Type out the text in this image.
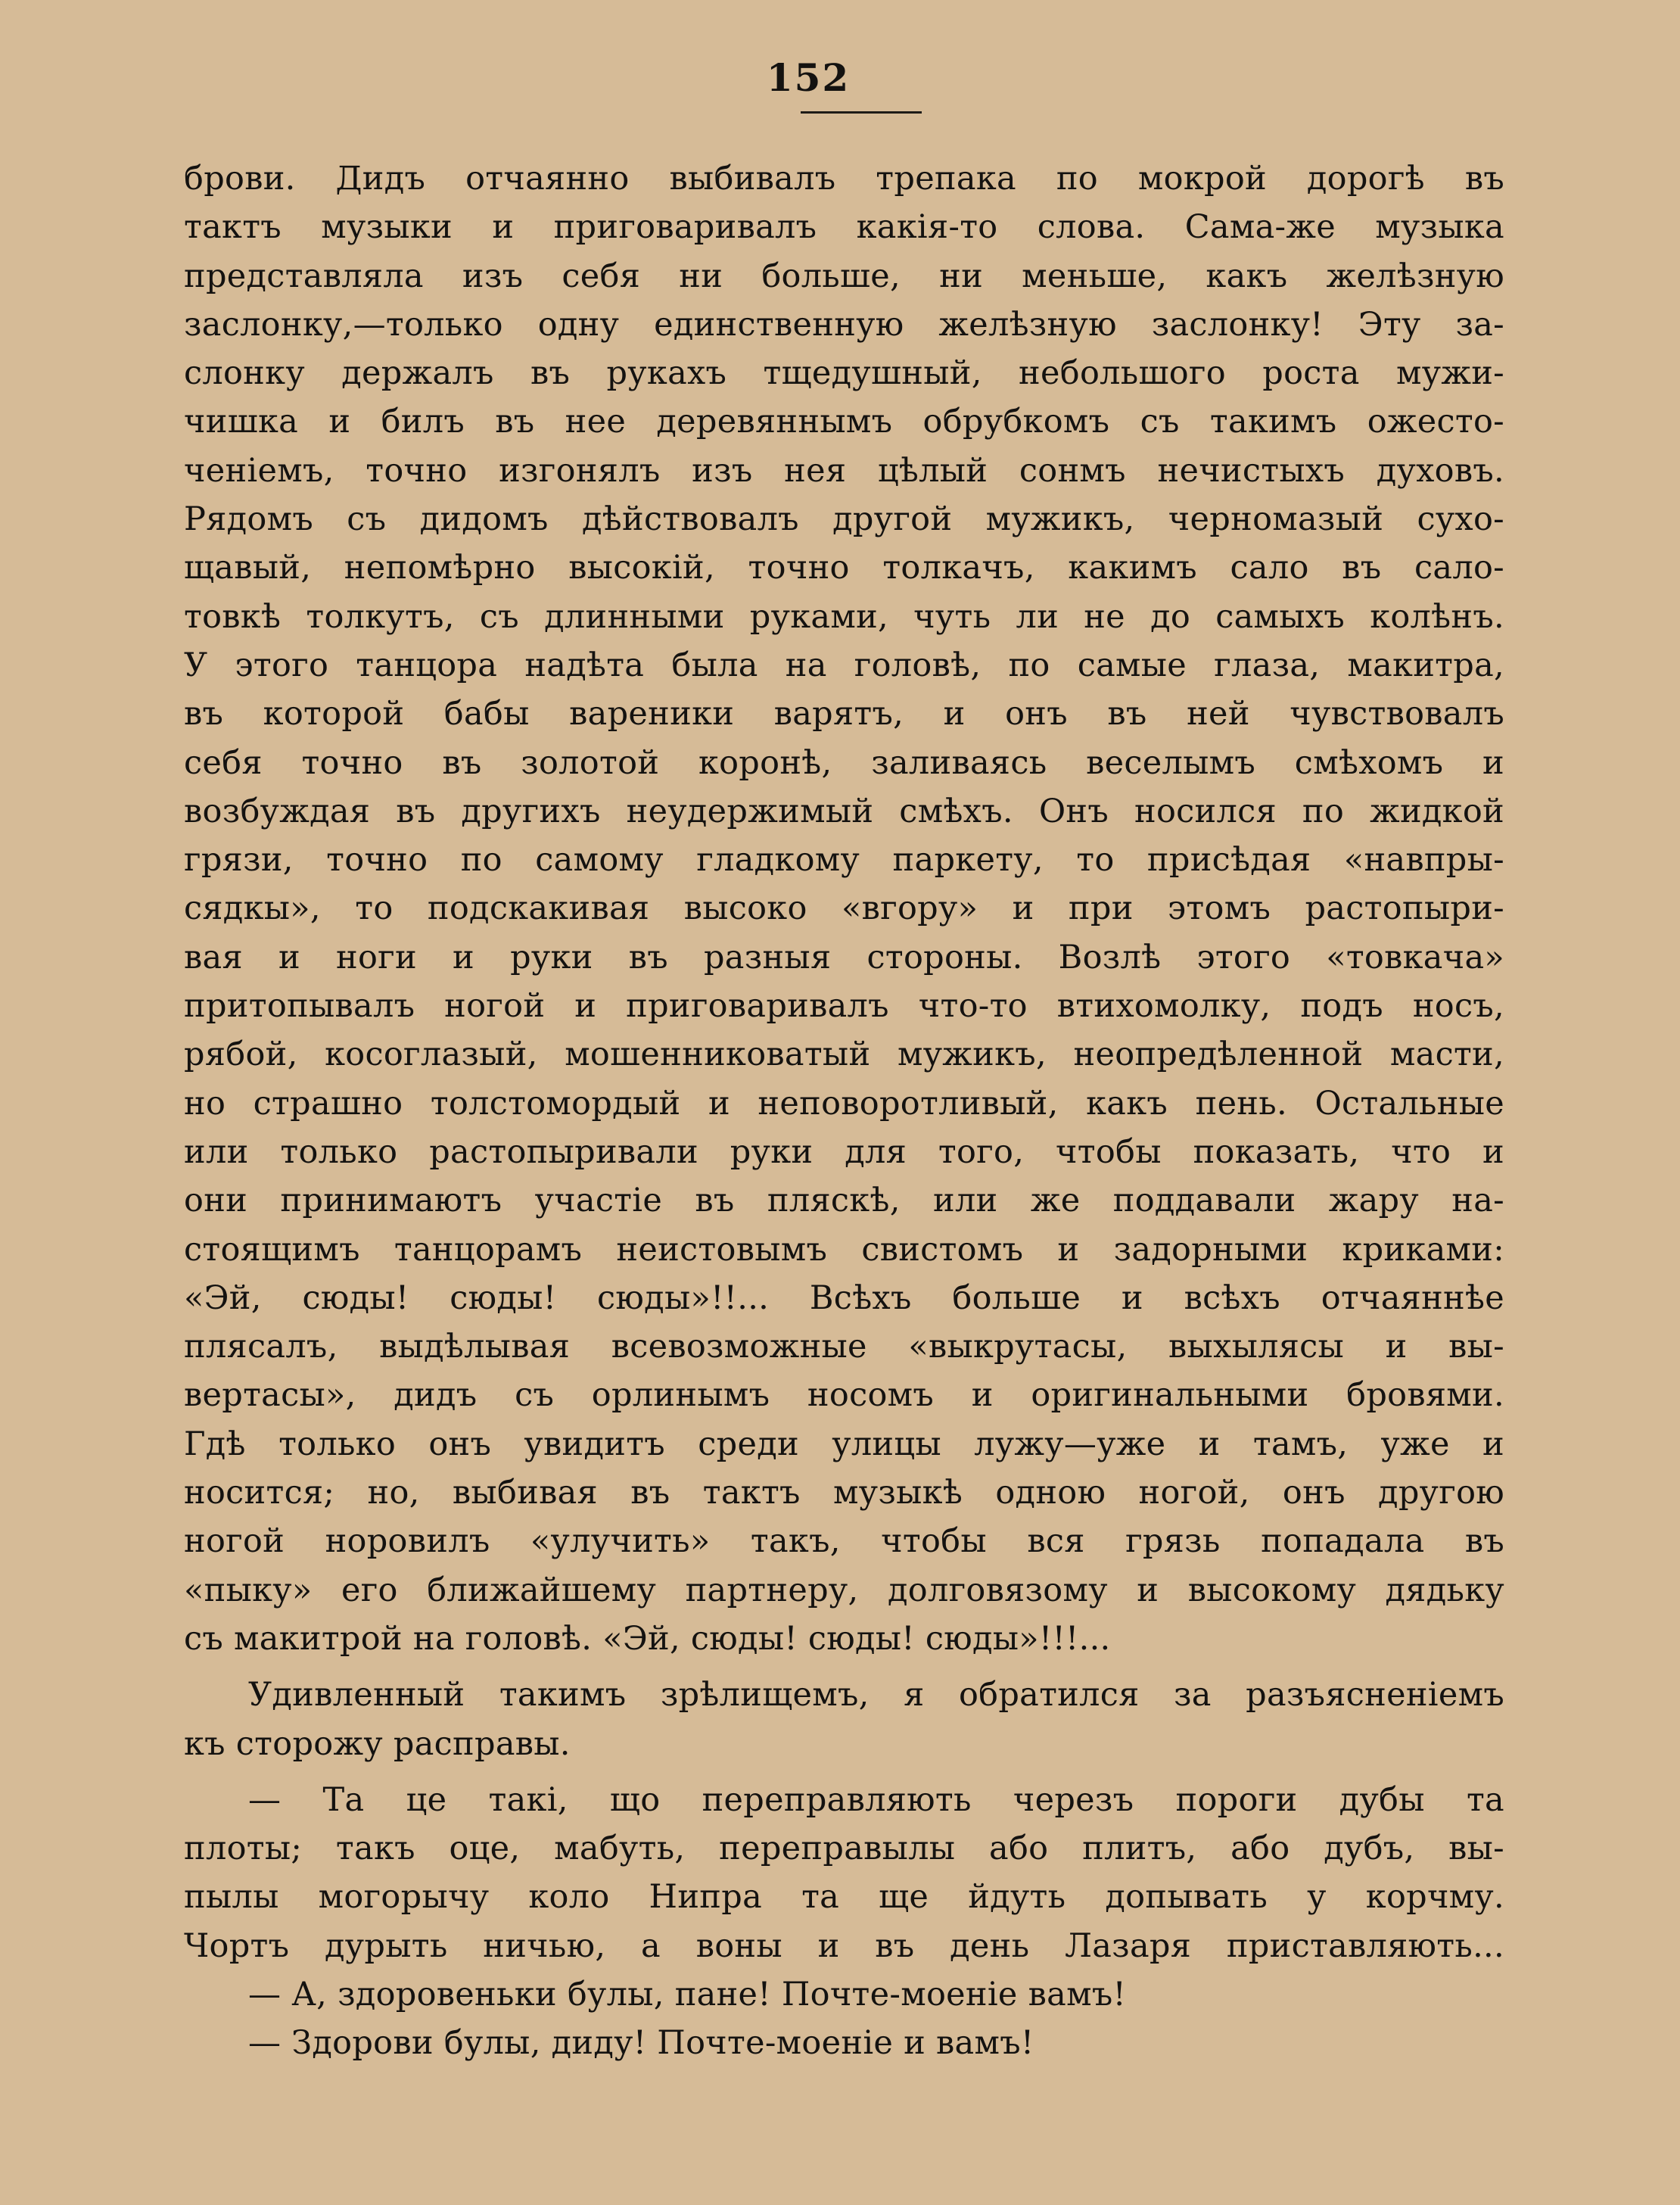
152
брови. Дидъ отчаянно выбивалъ трепака по мокрой дорогѣ въ
тактъ музыки и приговаривалъ какія-то слова. Сама-же музыка
представляла изъ себя ни больше, ни меньше, какъ желѣзную
заслонку,—только одну единственную желѣзную заслонку! Эту за-
слонку держалъ въ рукахъ тщедушный, небольшого роста мужи-
чишка и билъ въ нее деревяннымъ обрубкомъ съ такимъ ожесто-
ченіемъ, точно изгонялъ изъ нея цѣлый сонмъ нечистыхъ духовъ.
Рядомъ съ дидомъ дѣйствовалъ другой мужикъ, черномазый сухо-
щавый, непомѣрно высокій, точно толкачъ, какимъ сало въ сало-
товкѣ толкутъ, съ длинными руками, чуть ли не до самыхъ колѣнъ.
У этого танцора надѣта была на головѣ, по самые глаза, макитра,
въ которой бабы вареники варятъ, и онъ въ ней чувствовалъ
себя точно въ золотой коронѣ, заливаясь веселымъ смѣхомъ и
возбуждая въ другихъ неудержимый смѣхъ. Онъ носился по жидкой
грязи, точно по самому гладкому паркету, то присѣдая «навпры-
сядкы», то подскакивая высоко «вгору» и при этомъ растопыри-
вая и ноги и руки въ разныя стороны. Возлѣ этого «товкача»
притопывалъ ногой и приговаривалъ что-то втихомолку, подъ носъ,
рябой, косоглазый, мошенниковатый мужикъ, неопредѣленной масти,
но страшно толстомордый и неповоротливый, какъ пень. Остальные
или только растопыривали руки для того, чтобы показать, что и
они принимаютъ участіе въ пляскѣ, или же поддавали жару на-
стоящимъ танцорамъ неистовымъ свистомъ и задорными криками:
«Эй, сюды! сюды! сюды»!!... Всѣхъ больше и всѣхъ отчаяннѣе
плясалъ, выдѣлывая всевозможные «выкрутасы, выхылясы и вы-
вертасы», дидъ съ орлинымъ носомъ и оригинальными бровями.
Гдѣ только онъ увидитъ среди улицы лужу—уже и тамъ, уже и
носится; но, выбивая въ тактъ музыкѣ одною ногой, онъ другою
ногой норовилъ «улучить» такъ, чтобы вся грязь попадала въ
«пыку» его ближайшему партнеру, долговязому и высокому дядьку
съ макитрой на головѣ. «Эй, сюды! сюды! сюды»!!!...
Удивленный такимъ зрѣлищемъ, я обратился за разъясненіемъ
къ сторожу расправы.
— Та це такі, що переправляють черезъ пороги дубы та
плоты; такъ оце, мабуть, переправылы або плитъ, або дубъ, вы-
пылы могорычу коло Нипра та ще йдуть допывать у корчму.
Чортъ дурыть ничью, а воны и въ день Лазаря приставляють...
— А, здоровеньки булы, пане! Почте-моеніе вамъ!
— Здорови булы, диду! Почте-моеніе и вамъ!
